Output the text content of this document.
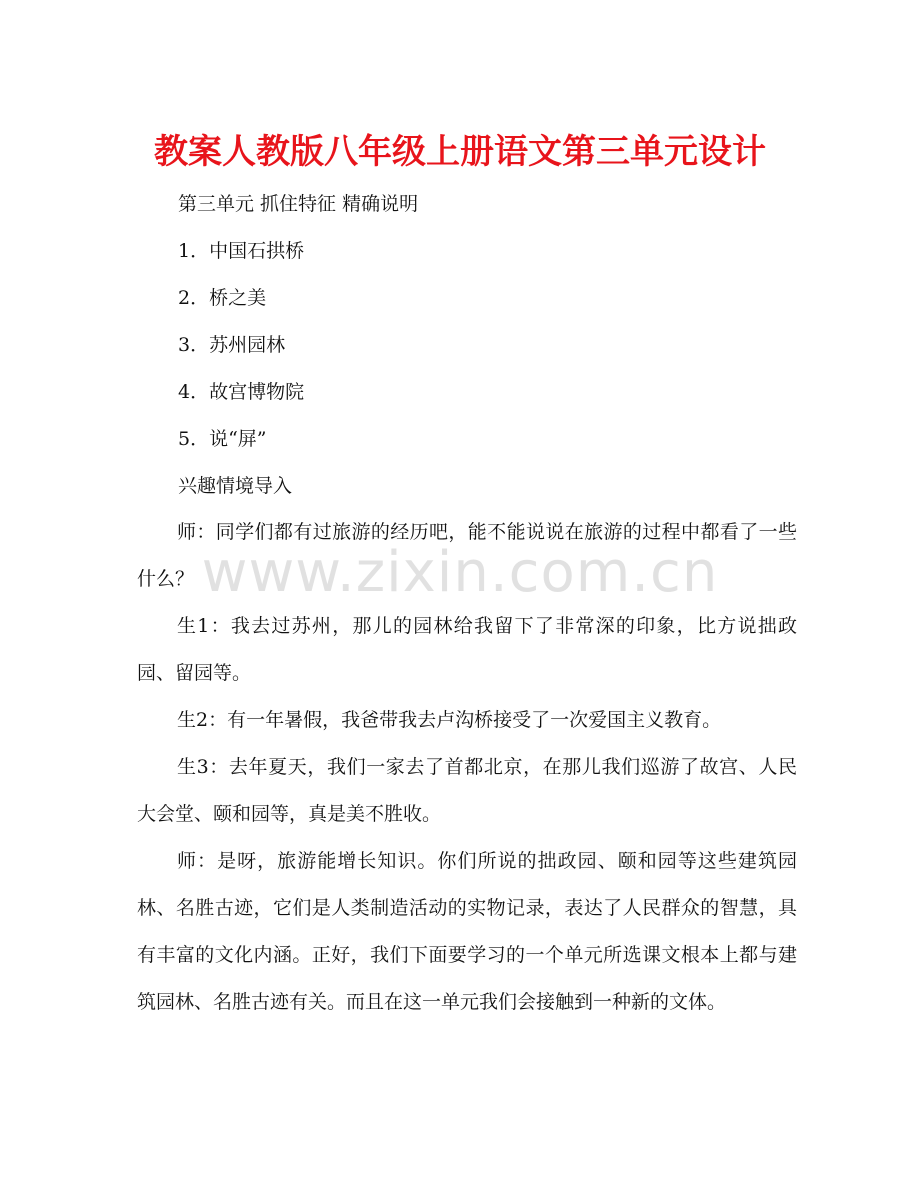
教案人教版八年级上册语文第三单元设计
www.zixin.com.cn

第三单元 抓住特征 精确说明

1．中国石拱桥

2．桥之美

3．苏州园林

4．故宫博物院

5．说“屏”

兴趣情境导入

师：同学们都有过旅游的经历吧，能不能说说在旅游的过程中都看了一些什么？

生1：我去过苏州，那儿的园林给我留下了非常深的印象，比方说拙政园、留园等。

生2：有一年暑假，我爸带我去卢沟桥接受了一次爱国主义教育。

生3：去年夏天，我们一家去了首都北京，在那儿我们巡游了故宫、人民大会堂、颐和园等，真是美不胜收。

师：是呀，旅游能增长知识。你们所说的拙政园、颐和园等这些建筑园林、名胜古迹，它们是人类制造活动的实物记录，表达了人民群众的智慧，具有丰富的文化内涵。正好，我们下面要学习的一个单元所选课文根本上都与建筑园林、名胜古迹有关。而且在这一单元我们会接触到一种新的文体。
